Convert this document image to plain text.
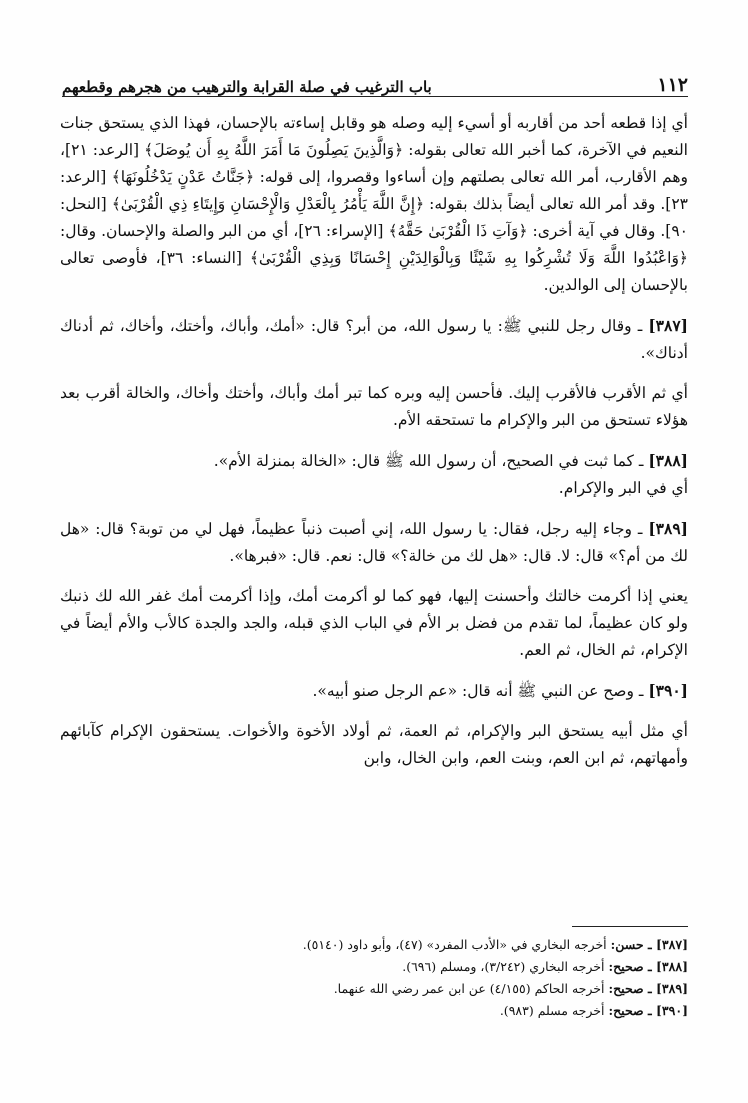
١١٢
باب الترغيب في صلة القرابة والترهيب من هجرهم وقطعهم

أي إذا قطعه أحد من أقاربه أو أسيء إليه وصله هو وقابل إساءته بالإحسان، فهذا الذي يستحق جنات النعيم في الآخرة، كما أخبر الله تعالى بقوله: ﴿وَالَّذِينَ يَصِلُونَ مَا أَمَرَ اللَّهُ بِهِ أَن يُوصَلَ﴾ [الرعد: ٢١]، وهم الأقارب، أمر الله تعالى بصلتهم وإن أساءوا وقصروا، إلى قوله: ﴿جَنَّاتُ عَدْنٍ يَدْخُلُونَهَا﴾ [الرعد: ٢٣]. وقد أمر الله تعالى أيضاً بذلك بقوله: ﴿إِنَّ اللَّهَ يَأْمُرُ بِالْعَدْلِ وَالْإِحْسَانِ وَإِيتَاءِ ذِي الْقُرْبَىٰ﴾ [النحل: ٩٠]. وقال في آية أخرى: ﴿وَآتِ ذَا الْقُرْبَىٰ حَقَّهُ﴾ [الإسراء: ٢٦]، أي من البر والصلة والإحسان. وقال: ﴿وَاعْبُدُوا اللَّهَ وَلَا تُشْرِكُوا بِهِ شَيْئًا وَبِالْوَالِدَيْنِ إِحْسَانًا وَبِذِي الْقُرْبَىٰ﴾ [النساء: ٣٦]، فأوصى تعالى بالإحسان إلى الوالدين.

[٣٨٧] ـ وقال رجل للنبي ﷺ: يا رسول الله، من أبر؟ قال: «أمك، وأباك، وأختك، وأخاك، ثم أدناك أدناك».

أي ثم الأقرب فالأقرب إليك. فأحسن إليه وبره كما تبر أمك وأباك، وأختك وأخاك، والخالة أقرب بعد هؤلاء تستحق من البر والإكرام ما تستحقه الأم.

[٣٨٨] ـ كما ثبت في الصحيح، أن رسول الله ﷺ قال: «الخالة بمنزلة الأم».
أي في البر والإكرام.

[٣٨٩] ـ وجاء إليه رجل، فقال: يا رسول الله، إني أصبت ذنباً عظيماً، فهل لي من توبة؟ قال: «هل لك من أم؟» قال: لا. قال: «هل لك من خالة؟» قال: نعم. قال: «فبرها».

يعني إذا أكرمت خالتك وأحسنت إليها، فهو كما لو أكرمت أمك، وإذا أكرمت أمك غفر الله لك ذنبك ولو كان عظيماً، لما تقدم من فضل بر الأم في الباب الذي قبله، والجد والجدة كالأب والأم أيضاً في الإكرام، ثم الخال، ثم العم.

[٣٩٠] ـ وصح عن النبي ﷺ أنه قال: «عم الرجل صنو أبيه».

أي مثل أبيه يستحق البر والإكرام، ثم العمة، ثم أولاد الأخوة والأخوات. يستحقون الإكرام كآبائهم وأمهاتهم، ثم ابن العم، وبنت العم، وابن الخال، وابن

[٣٨٧] ـ حسن: أخرجه البخاري في «الأدب المفرد» (٤٧)، وأبو داود (٥١٤٠).
[٣٨٨] ـ صحيح: أخرجه البخاري (٣/٢٤٢)، ومسلم (٦٩٦).
[٣٨٩] ـ صحيح: أخرجه الحاكم (٤/١٥٥) عن ابن عمر رضي الله عنهما.
[٣٩٠] ـ صحيح: أخرجه مسلم (٩٨٣).
